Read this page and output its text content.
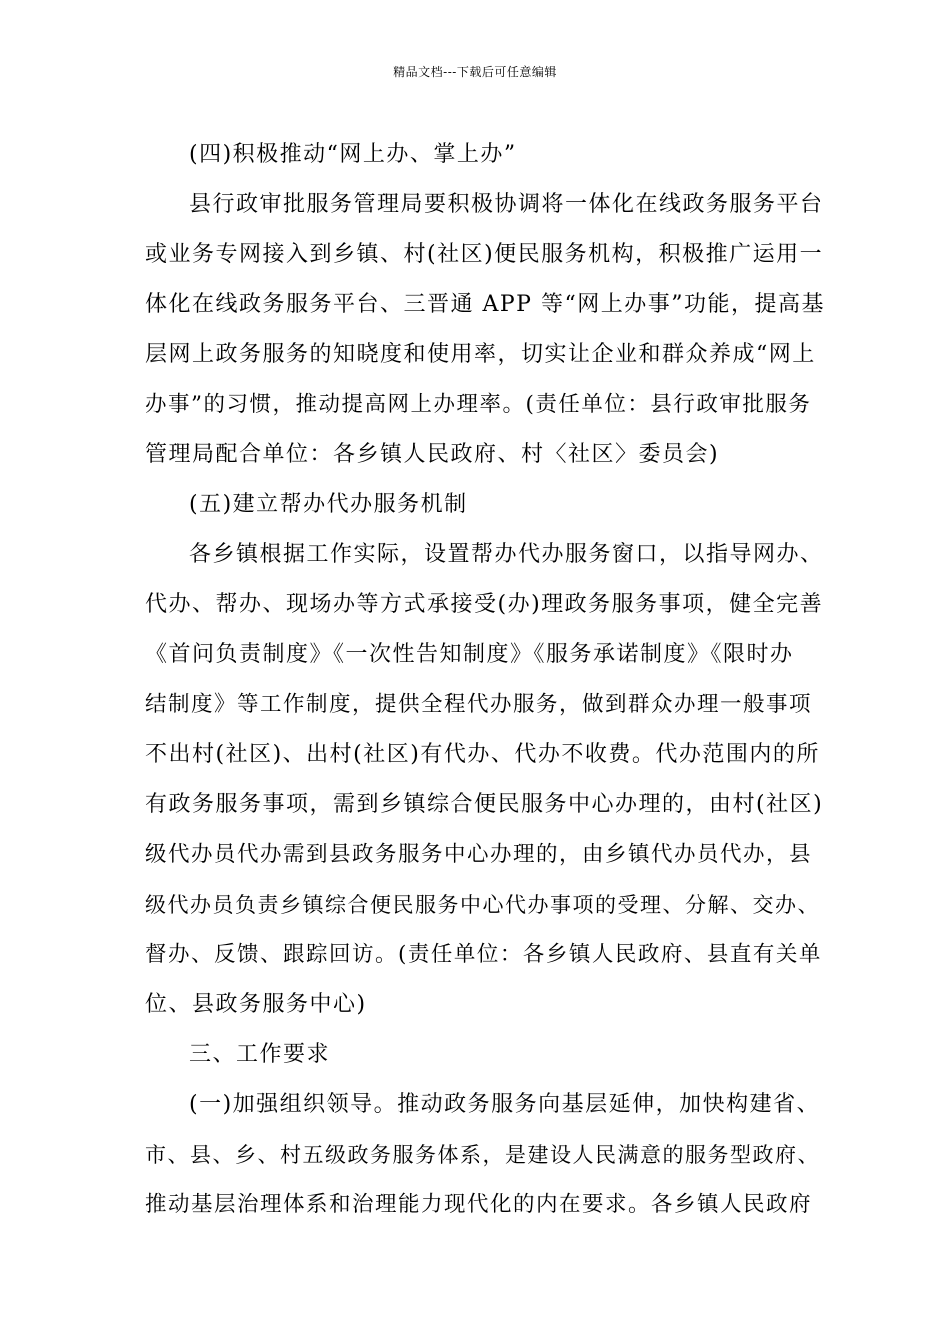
精品文档---下载后可任意编辑
(四)积极推动“网上办、掌上办”
县行政审批服务管理局要积极协调将一体化在线政务服务平台
或业务专网接入到乡镇、村(社区)便民服务机构，积极推广运用一
体化在线政务服务平台、三晋通 APP 等“网上办事”功能，提高基
层网上政务服务的知晓度和使用率，切实让企业和群众养成“网上
办事”的习惯，推动提高网上办理率。(责任单位：县行政审批服务
管理局配合单位：各乡镇人民政府、村〈社区〉委员会)
(五)建立帮办代办服务机制
各乡镇根据工作实际，设置帮办代办服务窗口，以指导网办、
代办、帮办、现场办等方式承接受(办)理政务服务事项，健全完善
《首问负责制度》《一次性告知制度》《服务承诺制度》《限时办
结制度》等工作制度，提供全程代办服务，做到群众办理一般事项
不出村(社区)、出村(社区)有代办、代办不收费。代办范围内的所
有政务服务事项，需到乡镇综合便民服务中心办理的，由村(社区)
级代办员代办需到县政务服务中心办理的，由乡镇代办员代办，县
级代办员负责乡镇综合便民服务中心代办事项的受理、分解、交办、
督办、反馈、跟踪回访。(责任单位：各乡镇人民政府、县直有关单
位、县政务服务中心)
三、工作要求
(一)加强组织领导。推动政务服务向基层延伸，加快构建省、
市、县、乡、村五级政务服务体系，是建设人民满意的服务型政府、
推动基层治理体系和治理能力现代化的内在要求。各乡镇人民政府
